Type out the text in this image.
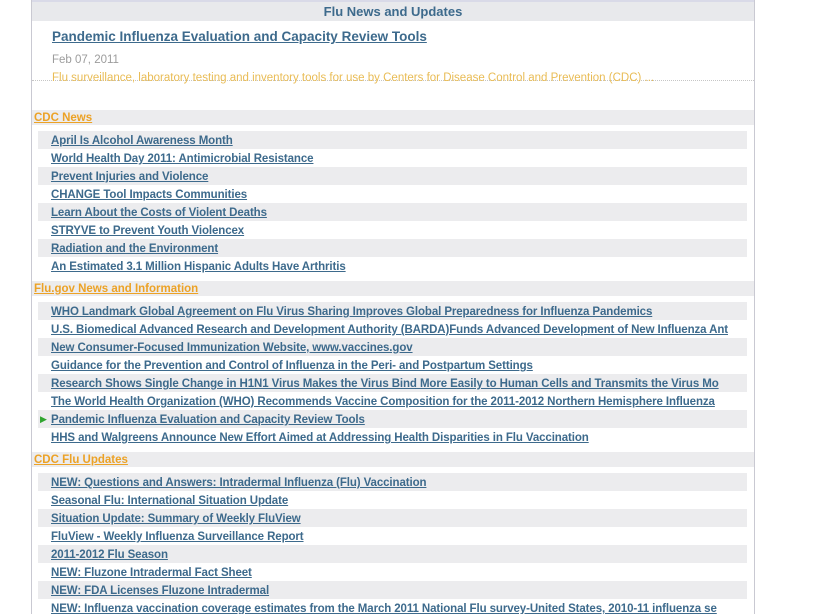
Flu News and Updates
Pandemic Influenza Evaluation and Capacity Review Tools
Feb 07, 2011
Flu surveillance, laboratory testing and inventory tools for use by Centers for Disease Control and Prevention (CDC) ...
CDC News
April Is Alcohol Awareness Month
World Health Day 2011: Antimicrobial Resistance
Prevent Injuries and Violence
CHANGE Tool Impacts Communities
Learn About the Costs of Violent Deaths
STRYVE to Prevent Youth Violencex
Radiation and the Environment
An Estimated 3.1 Million Hispanic Adults Have Arthritis
Flu.gov News and Information
WHO Landmark Global Agreement on Flu Virus Sharing Improves Global Preparedness for Influenza Pandemics
U.S. Biomedical Advanced Research and Development Authority (BARDA)Funds Advanced Development of New Influenza Ant
New Consumer-Focused Immunization Website, www.vaccines.gov
Guidance for the Prevention and Control of Influenza in the Peri- and Postpartum Settings
Research Shows Single Change in H1N1 Virus Makes the Virus Bind More Easily to Human Cells and Transmits the Virus Mo
The World Health Organization (WHO) Recommends Vaccine Composition for the 2011-2012 Northern Hemisphere Influenza
▶ Pandemic Influenza Evaluation and Capacity Review Tools
HHS and Walgreens Announce New Effort Aimed at Addressing Health Disparities in Flu Vaccination
CDC Flu Updates
NEW: Questions and Answers: Intradermal Influenza (Flu) Vaccination
Seasonal Flu: International Situation Update
Situation Update: Summary of Weekly FluView
FluView - Weekly Influenza Surveillance Report
2011-2012 Flu Season
NEW: Fluzone Intradermal Fact Sheet
NEW: FDA Licenses Fluzone Intradermal
NEW: Influenza vaccination coverage estimates from the March 2011 National Flu survey-United States, 2010-11 influenza se
